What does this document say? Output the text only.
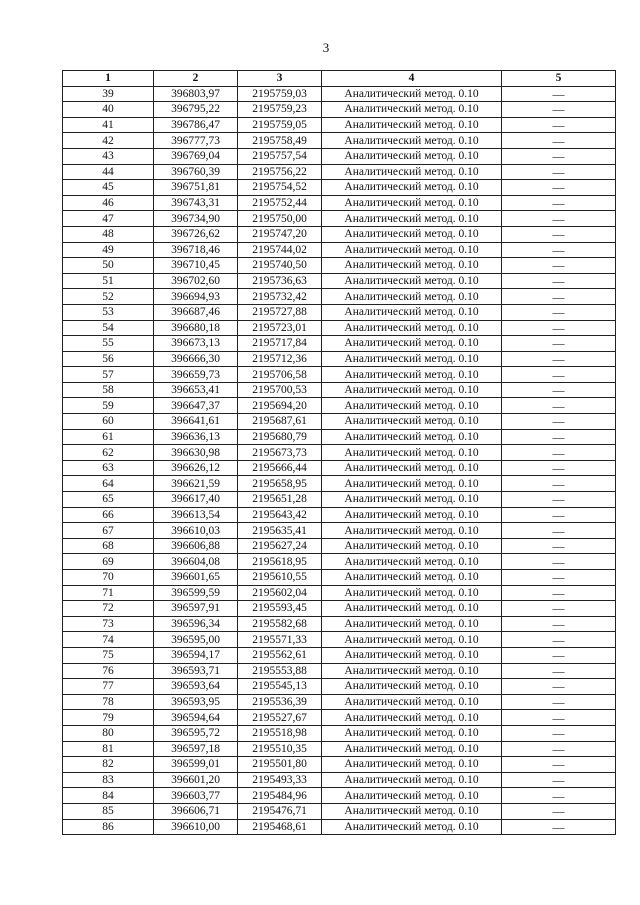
3
1	2	3	4	5
39	396803,97	2195759,03	Аналитический метод. 0.10	—
40	396795,22	2195759,23	Аналитический метод. 0.10	—
41	396786,47	2195759,05	Аналитический метод. 0.10	—
42	396777,73	2195758,49	Аналитический метод. 0.10	—
43	396769,04	2195757,54	Аналитический метод. 0.10	—
44	396760,39	2195756,22	Аналитический метод. 0.10	—
45	396751,81	2195754,52	Аналитический метод. 0.10	—
46	396743,31	2195752,44	Аналитический метод. 0.10	—
47	396734,90	2195750,00	Аналитический метод. 0.10	—
48	396726,62	2195747,20	Аналитический метод. 0.10	—
49	396718,46	2195744,02	Аналитический метод. 0.10	—
50	396710,45	2195740,50	Аналитический метод. 0.10	—
51	396702,60	2195736,63	Аналитический метод. 0.10	—
52	396694,93	2195732,42	Аналитический метод. 0.10	—
53	396687,46	2195727,88	Аналитический метод. 0.10	—
54	396680,18	2195723,01	Аналитический метод. 0.10	—
55	396673,13	2195717,84	Аналитический метод. 0.10	—
56	396666,30	2195712,36	Аналитический метод. 0.10	—
57	396659,73	2195706,58	Аналитический метод. 0.10	—
58	396653,41	2195700,53	Аналитический метод. 0.10	—
59	396647,37	2195694,20	Аналитический метод. 0.10	—
60	396641,61	2195687,61	Аналитический метод. 0.10	—
61	396636,13	2195680,79	Аналитический метод. 0.10	—
62	396630,98	2195673,73	Аналитический метод. 0.10	—
63	396626,12	2195666,44	Аналитический метод. 0.10	—
64	396621,59	2195658,95	Аналитический метод. 0.10	—
65	396617,40	2195651,28	Аналитический метод. 0.10	—
66	396613,54	2195643,42	Аналитический метод. 0.10	—
67	396610,03	2195635,41	Аналитический метод. 0.10	—
68	396606,88	2195627,24	Аналитический метод. 0.10	—
69	396604,08	2195618,95	Аналитический метод. 0.10	—
70	396601,65	2195610,55	Аналитический метод. 0.10	—
71	396599,59	2195602,04	Аналитический метод. 0.10	—
72	396597,91	2195593,45	Аналитический метод. 0.10	—
73	396596,34	2195582,68	Аналитический метод. 0.10	—
74	396595,00	2195571,33	Аналитический метод. 0.10	—
75	396594,17	2195562,61	Аналитический метод. 0.10	—
76	396593,71	2195553,88	Аналитический метод. 0.10	—
77	396593,64	2195545,13	Аналитический метод. 0.10	—
78	396593,95	2195536,39	Аналитический метод. 0.10	—
79	396594,64	2195527,67	Аналитический метод. 0.10	—
80	396595,72	2195518,98	Аналитический метод. 0.10	—
81	396597,18	2195510,35	Аналитический метод. 0.10	—
82	396599,01	2195501,80	Аналитический метод. 0.10	—
83	396601,20	2195493,33	Аналитический метод. 0.10	—
84	396603,77	2195484,96	Аналитический метод. 0.10	—
85	396606,71	2195476,71	Аналитический метод. 0.10	—
86	396610,00	2195468,61	Аналитический метод. 0.10	—
